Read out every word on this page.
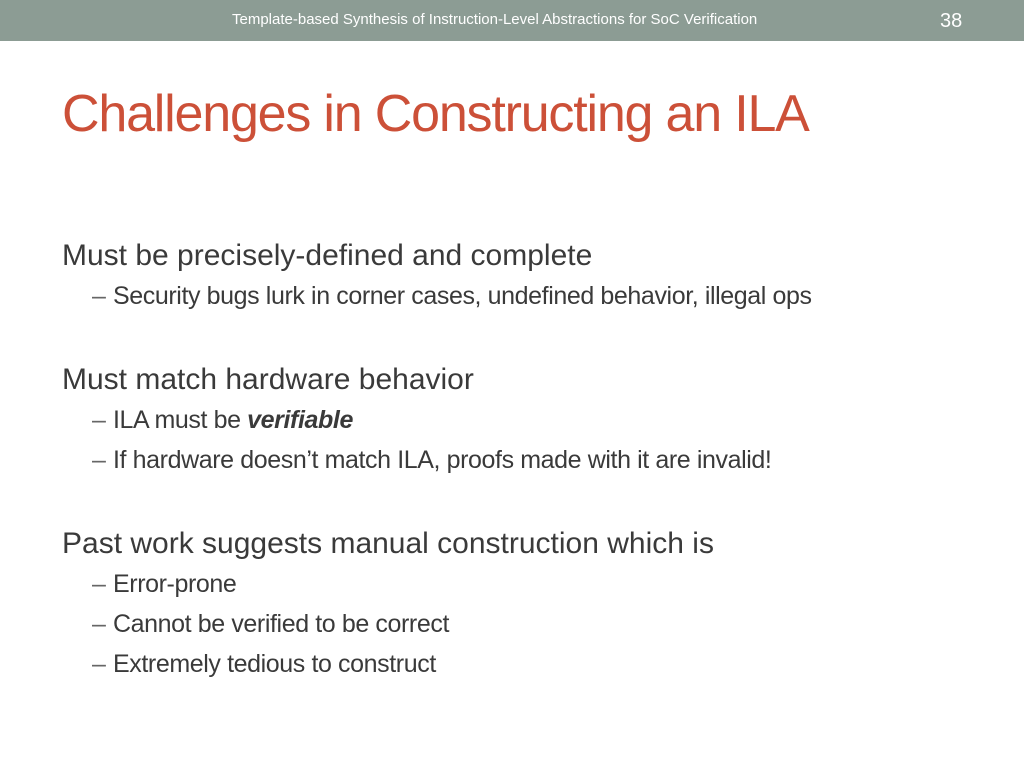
Template-based Synthesis of Instruction-Level Abstractions for SoC Verification	38
Challenges in Constructing an ILA
Must be precisely-defined and complete
– Security bugs lurk in corner cases, undefined behavior, illegal ops
Must match hardware behavior
– ILA must be verifiable
– If hardware doesn’t match ILA, proofs made with it are invalid!
Past work suggests manual construction which is
– Error-prone
– Cannot be verified to be correct
– Extremely tedious to construct
